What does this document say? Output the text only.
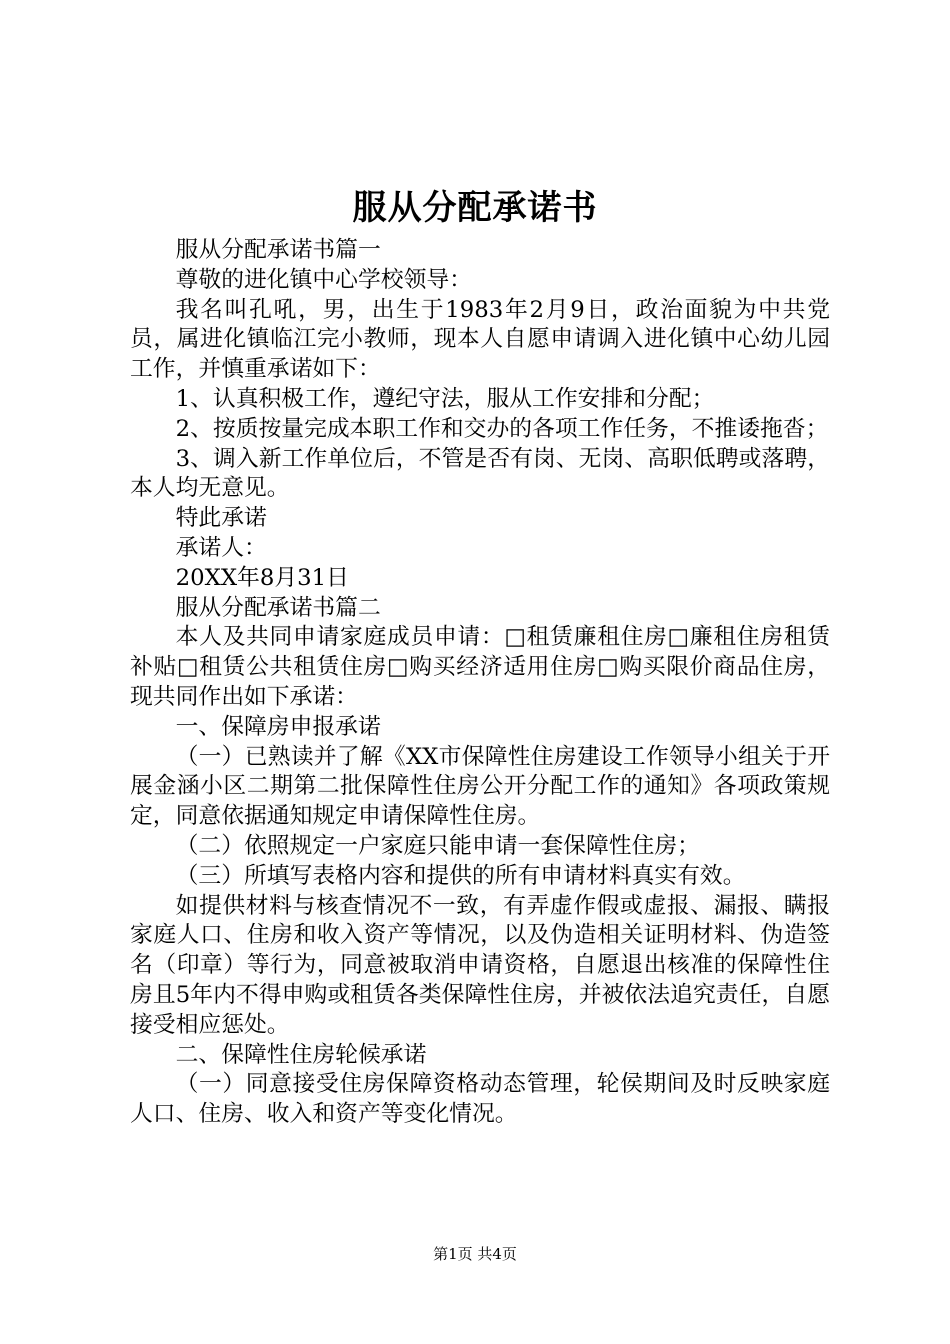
服从分配承诺书

服从分配承诺书篇一

尊敬的进化镇中心学校领导：

我名叫孔吼，男，出生于1983年2月9日，政治面貌为中共党员，属进化镇临江完小教师，现本人自愿申请调入进化镇中心幼儿园工作，并慎重承诺如下：

1、认真积极工作，遵纪守法，服从工作安排和分配；

2、按质按量完成本职工作和交办的各项工作任务，不推诿拖沓；

3、调入新工作单位后，不管是否有岗、无岗、高职低聘或落聘，本人均无意见。

特此承诺

承诺人：

20XX年8月31日

服从分配承诺书篇二

本人及共同申请家庭成员申请：□租赁廉租住房□廉租住房租赁补贴□租赁公共租赁住房□购买经济适用住房□购买限价商品住房，现共同作出如下承诺：

一、保障房申报承诺

（一）已熟读并了解《XX市保障性住房建设工作领导小组关于开展金涵小区二期第二批保障性住房公开分配工作的通知》各项政策规定，同意依据通知规定申请保障性住房。

（二）依照规定一户家庭只能申请一套保障性住房；

（三）所填写表格内容和提供的所有申请材料真实有效。

如提供材料与核查情况不一致，有弄虚作假或虚报、漏报、瞒报家庭人口、住房和收入资产等情况，以及伪造相关证明材料、伪造签名（印章）等行为，同意被取消申请资格，自愿退出核准的保障性住房且5年内不得申购或租赁各类保障性住房，并被依法追究责任，自愿接受相应惩处。

二、保障性住房轮候承诺

（一）同意接受住房保障资格动态管理，轮侯期间及时反映家庭人口、住房、收入和资产等变化情况。

第1页 共4页
